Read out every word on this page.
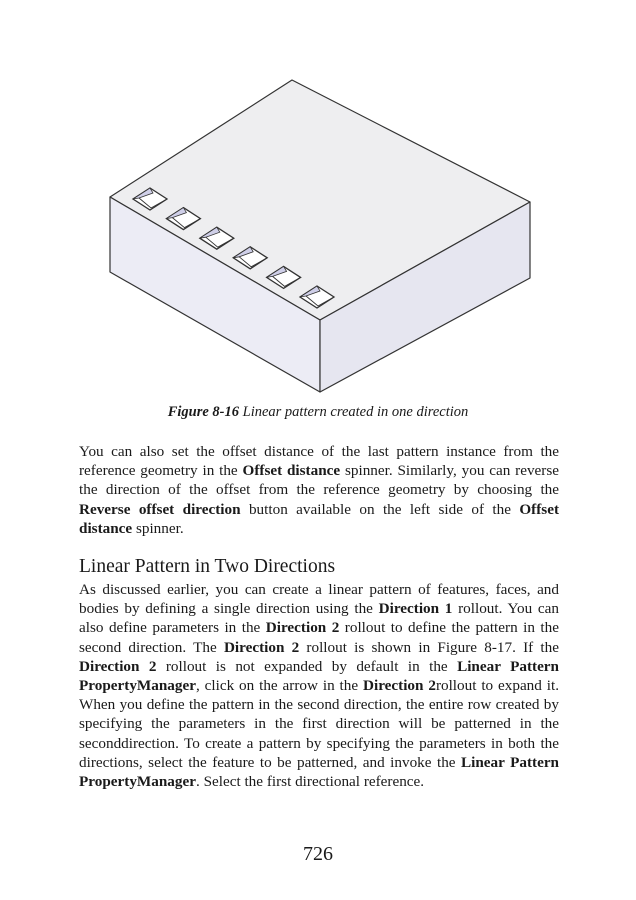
Figure 8-16 Linear pattern created in one direction
You can also set the offset distance of the last pattern instance from the reference geometry in the Offset distance spinner. Similarly, you can reverse the direction of the offset from the reference geometry by choosing the Reverse offset direction button available on the left side of the Offset distance spinner.
Linear Pattern in Two Directions
As discussed earlier, you can create a linear pattern of features, faces, and bodies by defining a single direction using the Direction 1 rollout. You can also define parameters in the Direction 2 rollout to define the pattern in the second direction. The Direction 2 rollout is shown in Figure 8-17. If the Direction 2 rollout is not expanded by default in the Linear Pattern PropertyManager, click on the arrow in the Direction 2rollout to expand it. When you define the pattern in the second direction, the entire row created by specifying the parameters in the first direction will be patterned in the seconddirection. To create a pattern by specifying the parameters in both the directions, select the feature to be patterned, and invoke the Linear Pattern PropertyManager. Select the first directional reference.
726
